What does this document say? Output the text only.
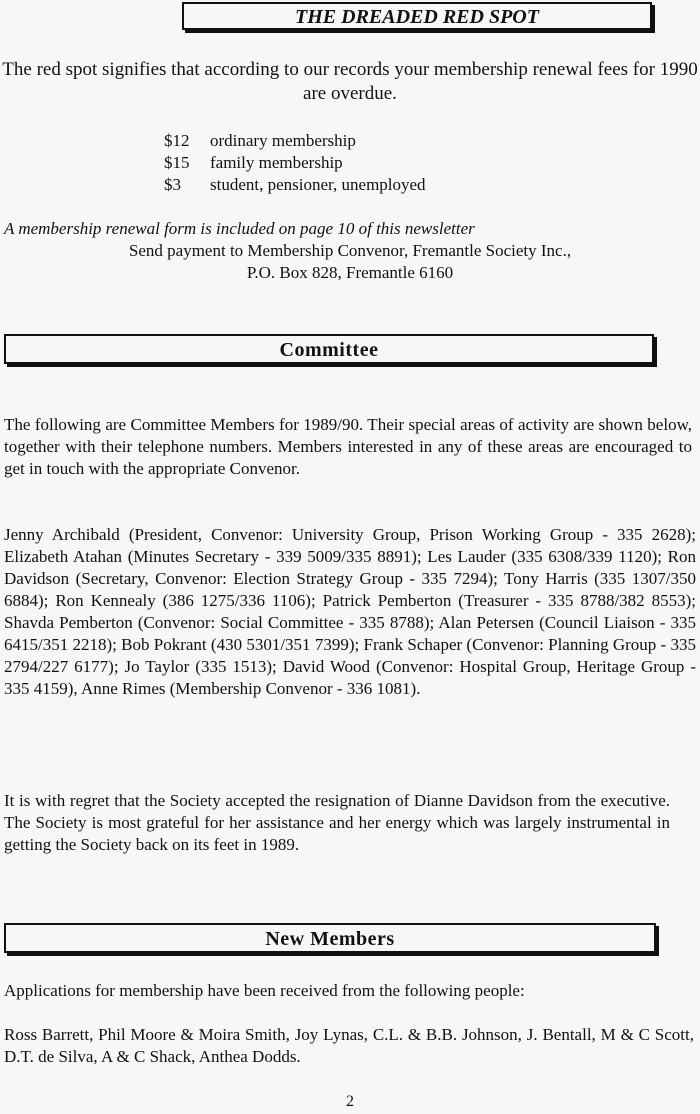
THE DREADED RED SPOT
The red spot signifies that according to our records your membership renewal fees for 1990 are overdue.
$12	ordinary membership
$15	family membership
$3	student, pensioner, unemployed
A membership renewal form is included on page 10 of this newsletter
Send payment to Membership Convenor, Fremantle Society Inc.,
P.O. Box 828, Fremantle 6160
Committee
The following are Committee Members for 1989/90. Their special areas of activity are shown below, together with their telephone numbers. Members interested in any of these areas are encouraged to get in touch with the appropriate Convenor.
Jenny Archibald (President, Convenor: University Group, Prison Working Group - 335 2628); Elizabeth Atahan (Minutes Secretary - 339 5009/335 8891); Les Lauder (335 6308/339 1120); Ron Davidson (Secretary, Convenor: Election Strategy Group - 335 7294); Tony Harris (335 1307/350 6884); Ron Kennealy (386 1275/336 1106); Patrick Pemberton (Treasurer - 335 8788/382 8553); Shavda Pemberton (Convenor: Social Committee - 335 8788); Alan Petersen (Council Liaison - 335 6415/351 2218); Bob Pokrant (430 5301/351 7399); Frank Schaper (Convenor: Planning Group - 335 2794/227 6177); Jo Taylor (335 1513); David Wood (Convenor: Hospital Group, Heritage Group - 335 4159), Anne Rimes (Membership Convenor - 336 1081).
It is with regret that the Society accepted the resignation of Dianne Davidson from the executive. The Society is most grateful for her assistance and her energy which was largely instrumental in getting the Society back on its feet in 1989.
New Members
Applications for membership have been received from the following people:
Ross Barrett, Phil Moore & Moira Smith, Joy Lynas, C.L. & B.B. Johnson, J. Bentall, M & C Scott, D.T. de Silva, A & C Shack, Anthea Dodds.
2
